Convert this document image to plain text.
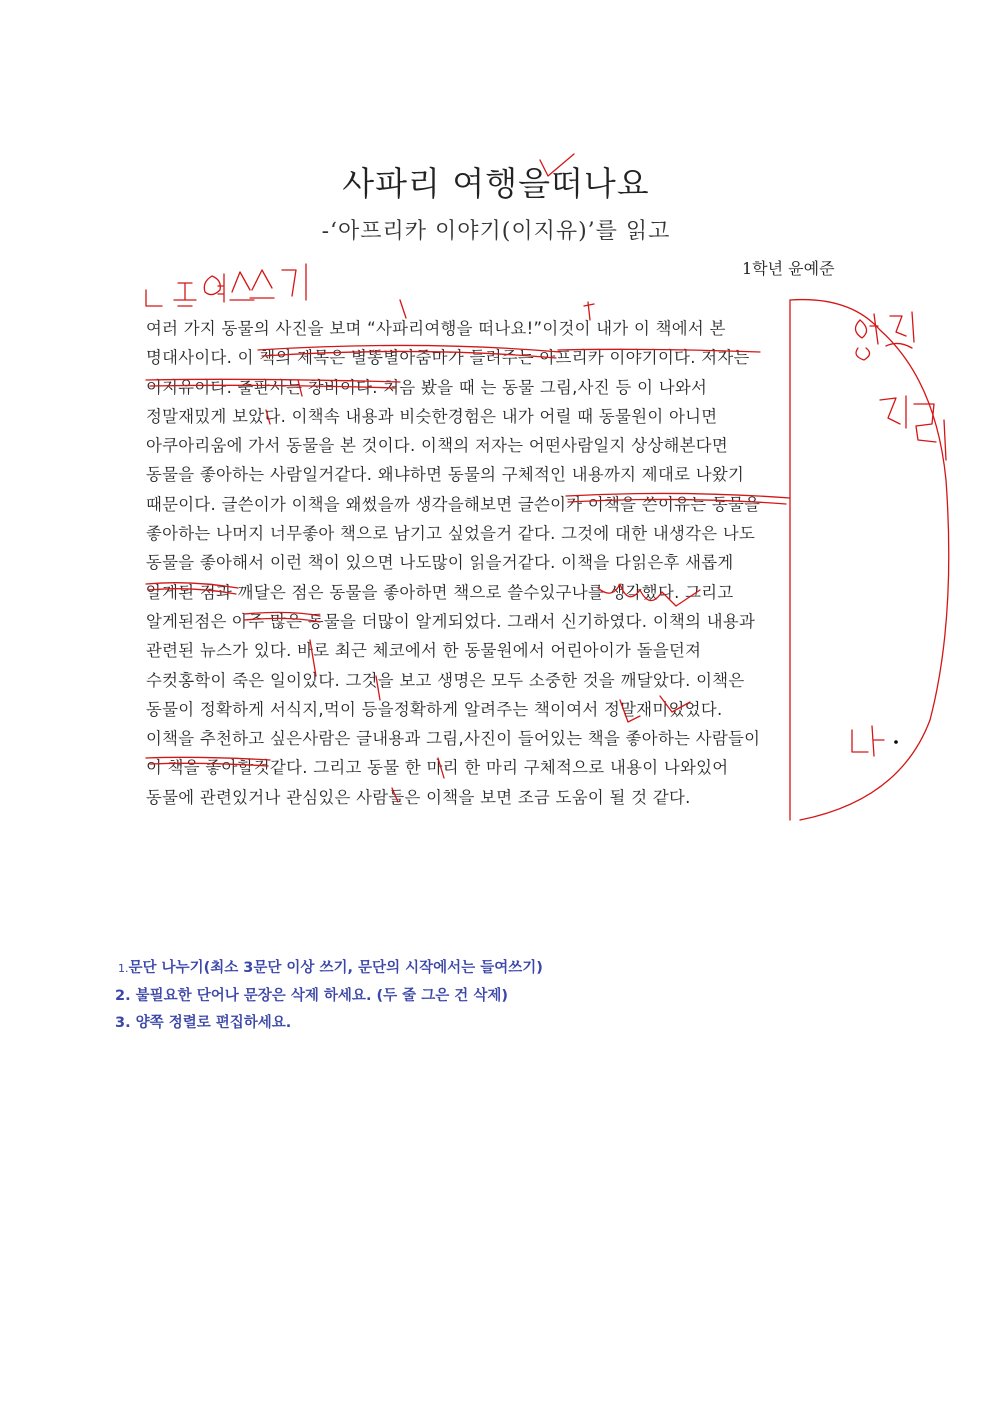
사파리 여행을떠나요
-‘아프리카 이야기(이지유)’를 읽고
1학년 윤예준
여러 가지 동물의 사진을 보며 “사파리여행을 떠나요!”이것이 내가 이 책에서 본
명대사이다. 이 책의 제목은 별똥별아줌마가 들려주는 아프리카 이야기이다. 저자는
이지유이다. 출판사는 창비이다. 처음 봤을 때 는 동물 그림,사진 등 이 나와서
정말재밌게 보았다. 이책속 내용과 비슷한경험은 내가 어릴 때 동물원이 아니면
아쿠아리움에 가서 동물을 본 것이다. 이책의 저자는 어떤사람일지 상상해본다면
동물을 좋아하는 사람일거같다. 왜냐하면 동물의 구체적인 내용까지 제대로 나왔기
때문이다. 글쓴이가 이책을 왜썼을까 생각을해보면 글쓴이가 이책을 쓴이유는 동물을
좋아하는 나머지 너무좋아 책으로 남기고 싶었을거 같다. 그것에 대한 내생각은 나도
동물을 좋아해서 이런 책이 있으면 나도많이 읽을거같다. 이책을 다읽은후 새롭게
알게된 점과 깨달은 점은 동물을 좋아하면 책으로 쓸수있구나를 생각했다. 그리고
알게된점은 아주 많은 동물을 더많이 알게되었다. 그래서 신기하였다. 이책의 내용과
관련된 뉴스가 있다. 바로 최근 체코에서 한 동물원에서 어린아이가 돌을던져
수컷홍학이 죽은 일이있다. 그것을 보고 생명은 모두 소중한 것을 깨달았다. 이책은
동물이 정확하게 서식지,먹이 등을정확하게 알려주는 책이여서 정말재미있었다.
이책을 추천하고 싶은사람은 글내용과 그림,사진이 들어있는 책을 좋아하는 사람들이
이 책을 좋아할것같다. 그리고 동물 한 마리 한 마리 구체적으로 내용이 나와있어
동물에 관련있거나 관심있은 사람들은 이책을 보면 조금 도움이 될 것 같다.
1.문단 나누기(최소 3문단 이상 쓰기, 문단의 시작에서는 들여쓰기)
2. 불필요한 단어나 문장은 삭제 하세요. (두 줄 그은 건 삭제)
3. 양쪽 정렬로 편집하세요.
